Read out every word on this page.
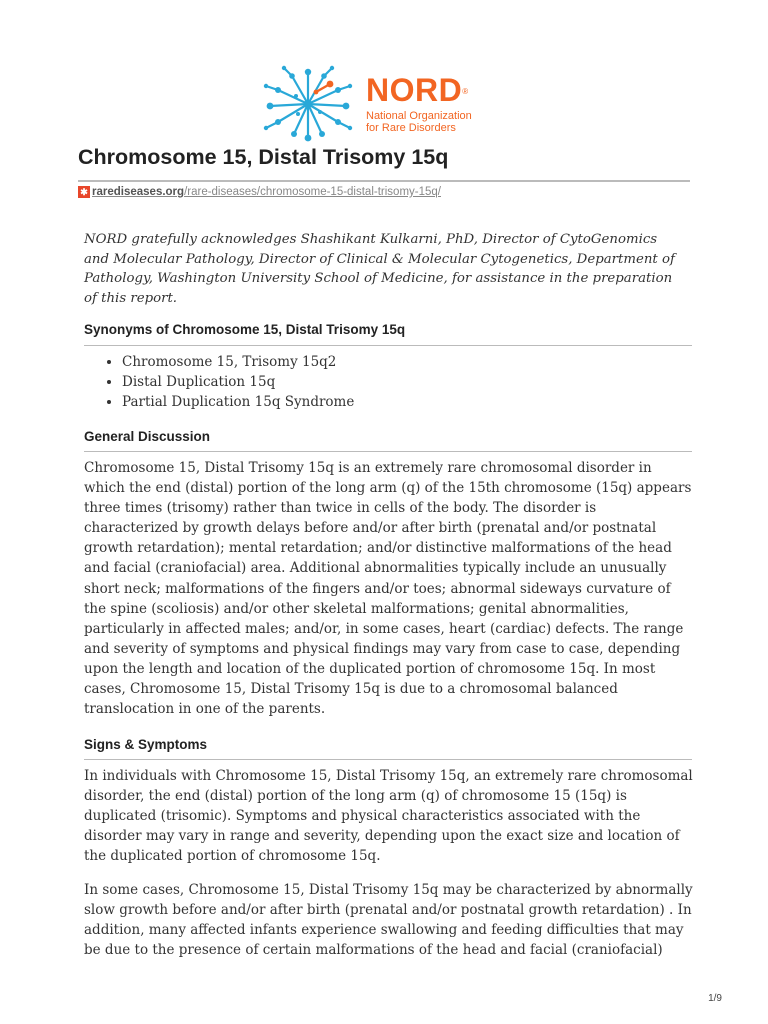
NORD®
National Organization for Rare Disorders
Chromosome 15, Distal Trisomy 15q
✱ rarediseases.org/rare-diseases/chromosome-15-distal-trisomy-15q/

NORD gratefully acknowledges Shashikant Kulkarni, PhD, Director of CytoGenomics and Molecular Pathology, Director of Clinical & Molecular Cytogenetics, Department of Pathology, Washington University School of Medicine, for assistance in the preparation of this report.

Synonyms of Chromosome 15, Distal Trisomy 15q
• Chromosome 15, Trisomy 15q2
• Distal Duplication 15q
• Partial Duplication 15q Syndrome
General Discussion

Chromosome 15, Distal Trisomy 15q is an extremely rare chromosomal disorder in which the end (distal) portion of the long arm (q) of the 15th chromosome (15q) appears three times (trisomy) rather than twice in cells of the body. The disorder is characterized by growth delays before and/or after birth (prenatal and/or postnatal growth retardation); mental retardation; and/or distinctive malformations of the head and facial (craniofacial) area. Additional abnormalities typically include an unusually short neck; malformations of the fingers and/or toes; abnormal sideways curvature of the spine (scoliosis) and/or other skeletal malformations; genital abnormalities, particularly in affected males; and/or, in some cases, heart (cardiac) defects. The range and severity of symptoms and physical findings may vary from case to case, depending upon the length and location of the duplicated portion of chromosome 15q. In most cases, Chromosome 15, Distal Trisomy 15q is due to a chromosomal balanced translocation in one of the parents.

Signs & Symptoms

In individuals with Chromosome 15, Distal Trisomy 15q, an extremely rare chromosomal disorder, the end (distal) portion of the long arm (q) of chromosome 15 (15q) is duplicated (trisomic). Symptoms and physical characteristics associated with the disorder may vary in range and severity, depending upon the exact size and location of the duplicated portion of chromosome 15q.

In some cases, Chromosome 15, Distal Trisomy 15q may be characterized by abnormally slow growth before and/or after birth (prenatal and/or postnatal growth retardation) . In addition, many affected infants experience swallowing and feeding difficulties that may be due to the presence of certain malformations of the head and facial (craniofacial)

1/9
